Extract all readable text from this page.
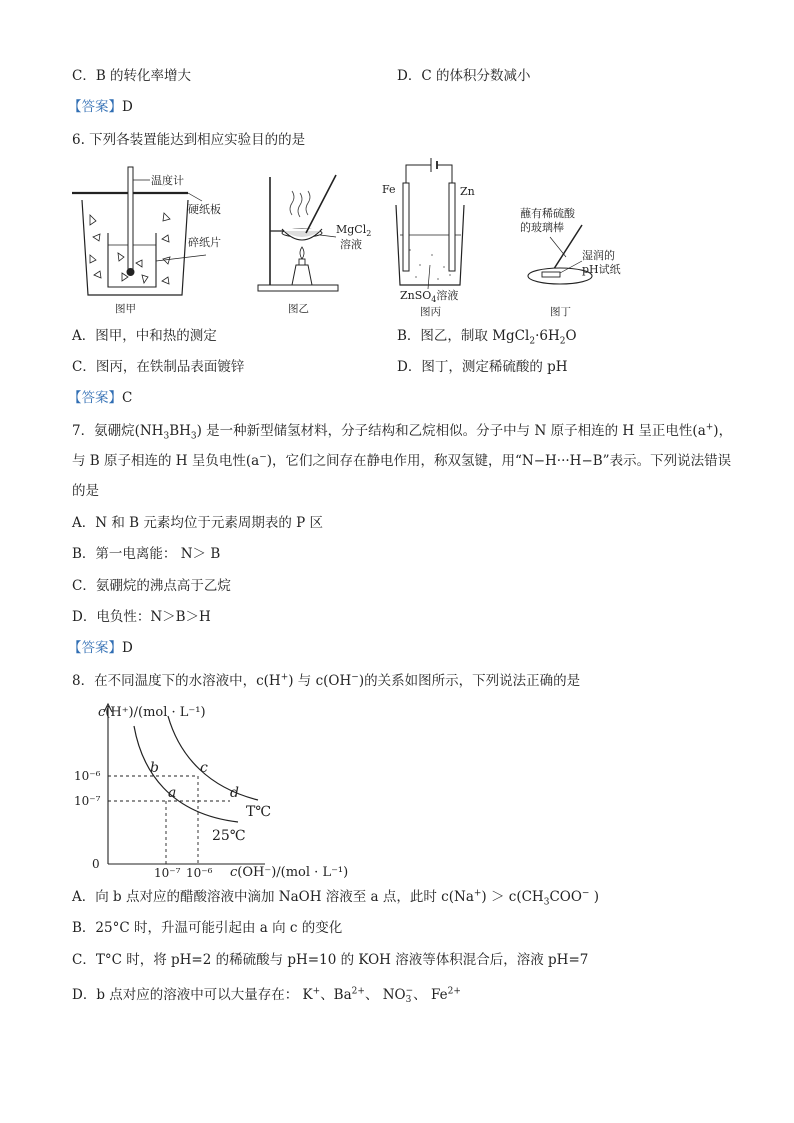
C．B 的转化率增大	D．C 的体积分数减小
【答案】D
6. 下列各装置能达到相应实验目的的是
温度计
硬纸板
碎纸片
图甲
MgCl$_2$
溶液
图乙
Fe	Zn
ZnSO$_4$溶液
图丙
蘸有稀硫酸
的玻璃棒
湿润的
pH试纸
图丁
A．图甲，中和热的测定	B．图乙，制取 $MgCl_2\cdot 6H_2O$
C．图丙，在铁制品表面镀锌	D．图丁，测定稀硫酸的 pH
【答案】C
7．氨硼烷$(NH_3BH_3)$ 是一种新型储氢材料，分子结构和乙烷相似。分子中与 N 原子相连的 H 呈正电性(a+)，
与 B 原子相连的 H 呈负电性(a−)，它们之间存在静电作用，称双氢键，用“N−H···H−B”表示。下列说法错误
的是
A．N 和 B 元素均位于元素周期表的 P 区
B．第一电离能： N＞ B
C．氨硼烷的沸点高于乙烷
D．电负性：N＞B＞H
【答案】D
8．在不同温度下的水溶液中，c(H+) 与 c(OH−)的关系如图所示，下列说法正确的是
c(H⁺)/(mol · L⁻¹)
c(OH⁻)/(mol · L⁻¹)
0
10⁻⁶
10⁻⁷
10⁻⁷ 10⁻⁶
b	c
a	d
T℃
25℃
A．向 b 点对应的醋酸溶液中滴加 NaOH 溶液至 a 点，此时 $c(Na^+) > c(CH_3COO^-$ )
B．25°C 时，升温可能引起由 a 向 c 的变化
C．T°C 时，将 pH=2 的稀硫酸与 pH=10 的 KOH 溶液等体积混合后，溶液 pH=7
D．b 点对应的溶液中可以大量存在： K+、$Ba^{2+}$、 NO −
3 、 $Fe^{2+}$
